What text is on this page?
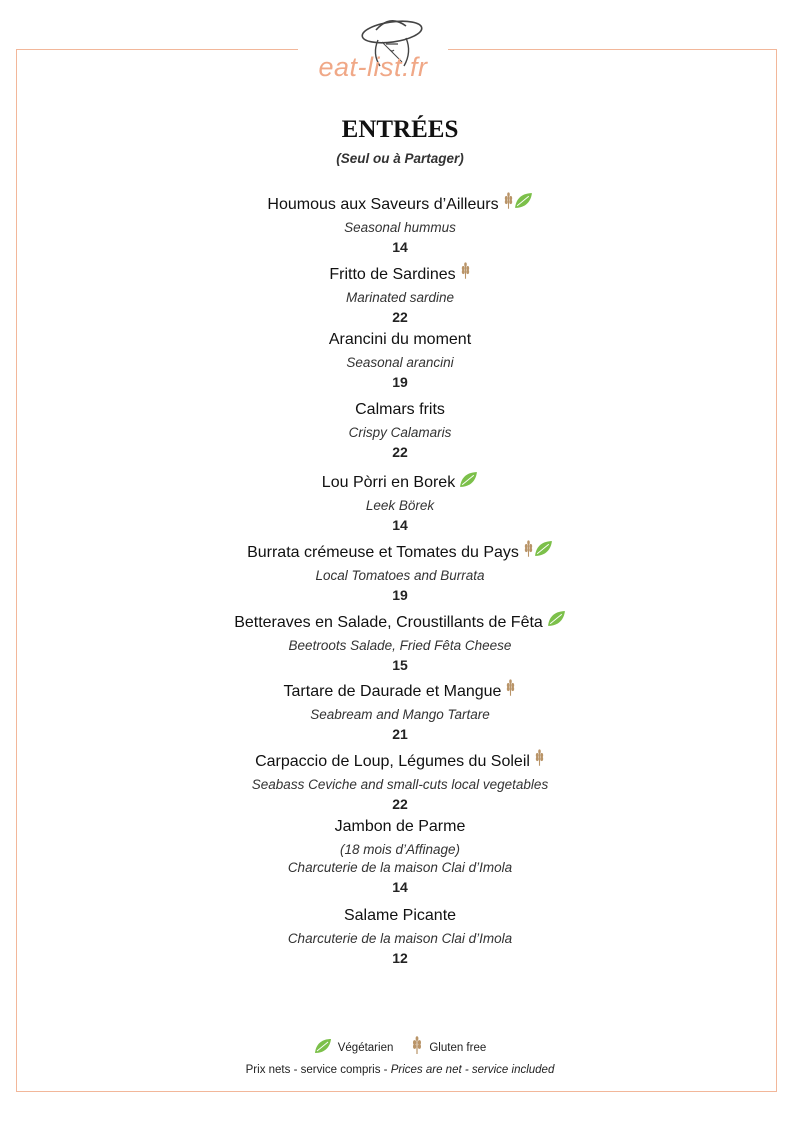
eat-list.fr
ENTRÉES
(Seul ou à Partager)
Houmous aux Saveurs d’Ailleurs
Seasonal hummus
14
Fritto de Sardines
Marinated sardine
22
Arancini du moment
Seasonal arancini
19
Calmars frits
Crispy Calamaris
22
Lou Pòrri en Borek
Leek Börek
14
Burrata crémeuse et Tomates du Pays
Local Tomatoes and Burrata
19
Betteraves en Salade, Croustillants de Fêta
Beetroots Salade, Fried Fêta Cheese
15
Tartare de Daurade et Mangue
Seabream and Mango Tartare
21
Carpaccio de Loup, Légumes du Soleil
Seabass Ceviche and small-cuts local vegetables
22
Jambon de Parme
(18 mois d’Affinage)
Charcuterie de la maison Clai d’Imola
14
Salame Picante
Charcuterie de la maison Clai d’Imola
12
Végétarien	Gluten free
Prix nets - service compris - Prices are net - service included
